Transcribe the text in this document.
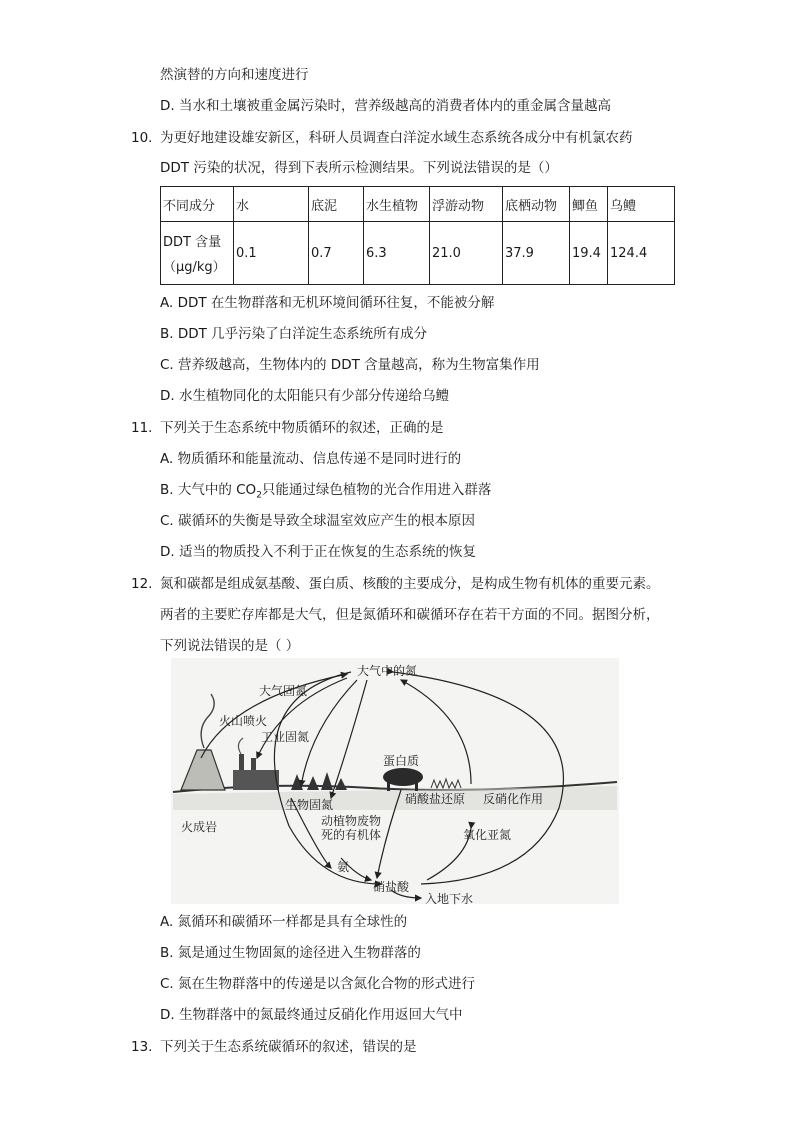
然演替的方向和速度进行
D. 当水和土壤被重金属污染时，营养级越高的消费者体内的重金属含量越高
10. 为更好地建设雄安新区，科研人员调查白洋淀水域生态系统各成分中有机氯农药
DDT 污染的状况，得到下表所示检测结果。下列说法错误的是（）
不同成分	水	底泥	水生植物	浮游动物	底栖动物	鲫鱼	乌鳢

DDT 含量
（μg/kg）	0.1	0.7	6.3	21.0	37.9	19.4	124.4
A. DDT 在生物群落和无机环境间循环往复，不能被分解
B. DDT 几乎污染了白洋淀生态系统所有成分
C. 营养级越高，生物体内的 DDT 含量越高，称为生物富集作用
D. 水生植物同化的太阳能只有少部分传递给乌鳢
11. 下列关于生态系统中物质循环的叙述，正确的是
A. 物质循环和能量流动、信息传递不是同时进行的
B. 大气中的 $CO_2$只能通过绿色植物的光合作用进入群落
C. 碳循环的失衡是导致全球温室效应产生的根本原因
D. 适当的物质投入不利于正在恢复的生态系统的恢复
12. 氮和碳都是组成氨基酸、蛋白质、核酸的主要成分，是构成生物有机体的重要元素。
两者的主要贮存库都是大气，但是氮循环和碳循环存在若干方面的不同。据图分析，
下列说法错误的是（ ）
大气中的氮
大气固氮
火山喷火
工业固氮
蛋白质
生物固氮	硝酸盐还原 反硝化作用
动植物废物
死的有机体	氧化亚氮
火成岩
氨
硝盐酸
入地下水
A. 氮循环和碳循环一样都是具有全球性的
B. 氮是通过生物固氮的途径进入生物群落的
C. 氮在生物群落中的传递是以含氮化合物的形式进行
D. 生物群落中的氮最终通过反硝化作用返回大气中
13. 下列关于生态系统碳循环的叙述，错误的是
